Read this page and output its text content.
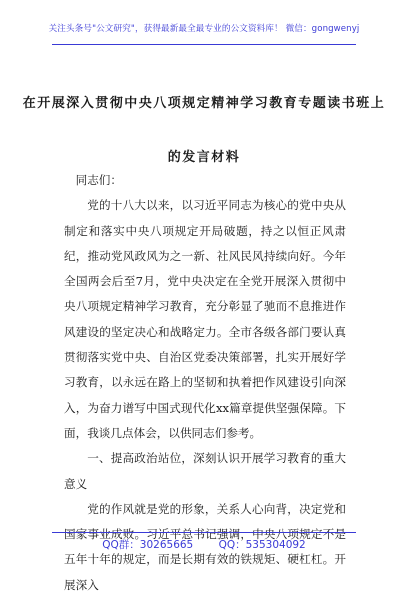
关注头条号"公文研究"，获得最新最全最专业的公文资料库！ 微信：gongwenyj
在开展深入贯彻中央八项规定精神学习教育专题读书班上
的发言材料

同志们：

党的十八大以来，以习近平同志为核心的党中央从制定和落实中央八项规定开局破题，持之以恒正风肃纪，推动党风政风为之一新、社风民风持续向好。今年全国两会后至7月，党中央决定在全党开展深入贯彻中央八项规定精神学习教育，充分彰显了驰而不息推进作风建设的坚定决心和战略定力。全市各级各部门要认真贯彻落实党中央、自治区党委决策部署，扎实开展好学习教育，以永远在路上的坚韧和执着把作风建设引向深入，为奋力谱写中国式现代化xx篇章提供坚强保障。下面，我谈几点体会，以供同志们参考。

一、提高政治站位，深刻认识开展学习教育的重大意义

党的作风就是党的形象，关系人心向背，决定党和国家事业成败。习近平总书记强调，中央八项规定不是五年十年的规定，而是长期有效的铁规矩、硬杠杠。开展深入

QQ群：30265665 QQ：535304092
